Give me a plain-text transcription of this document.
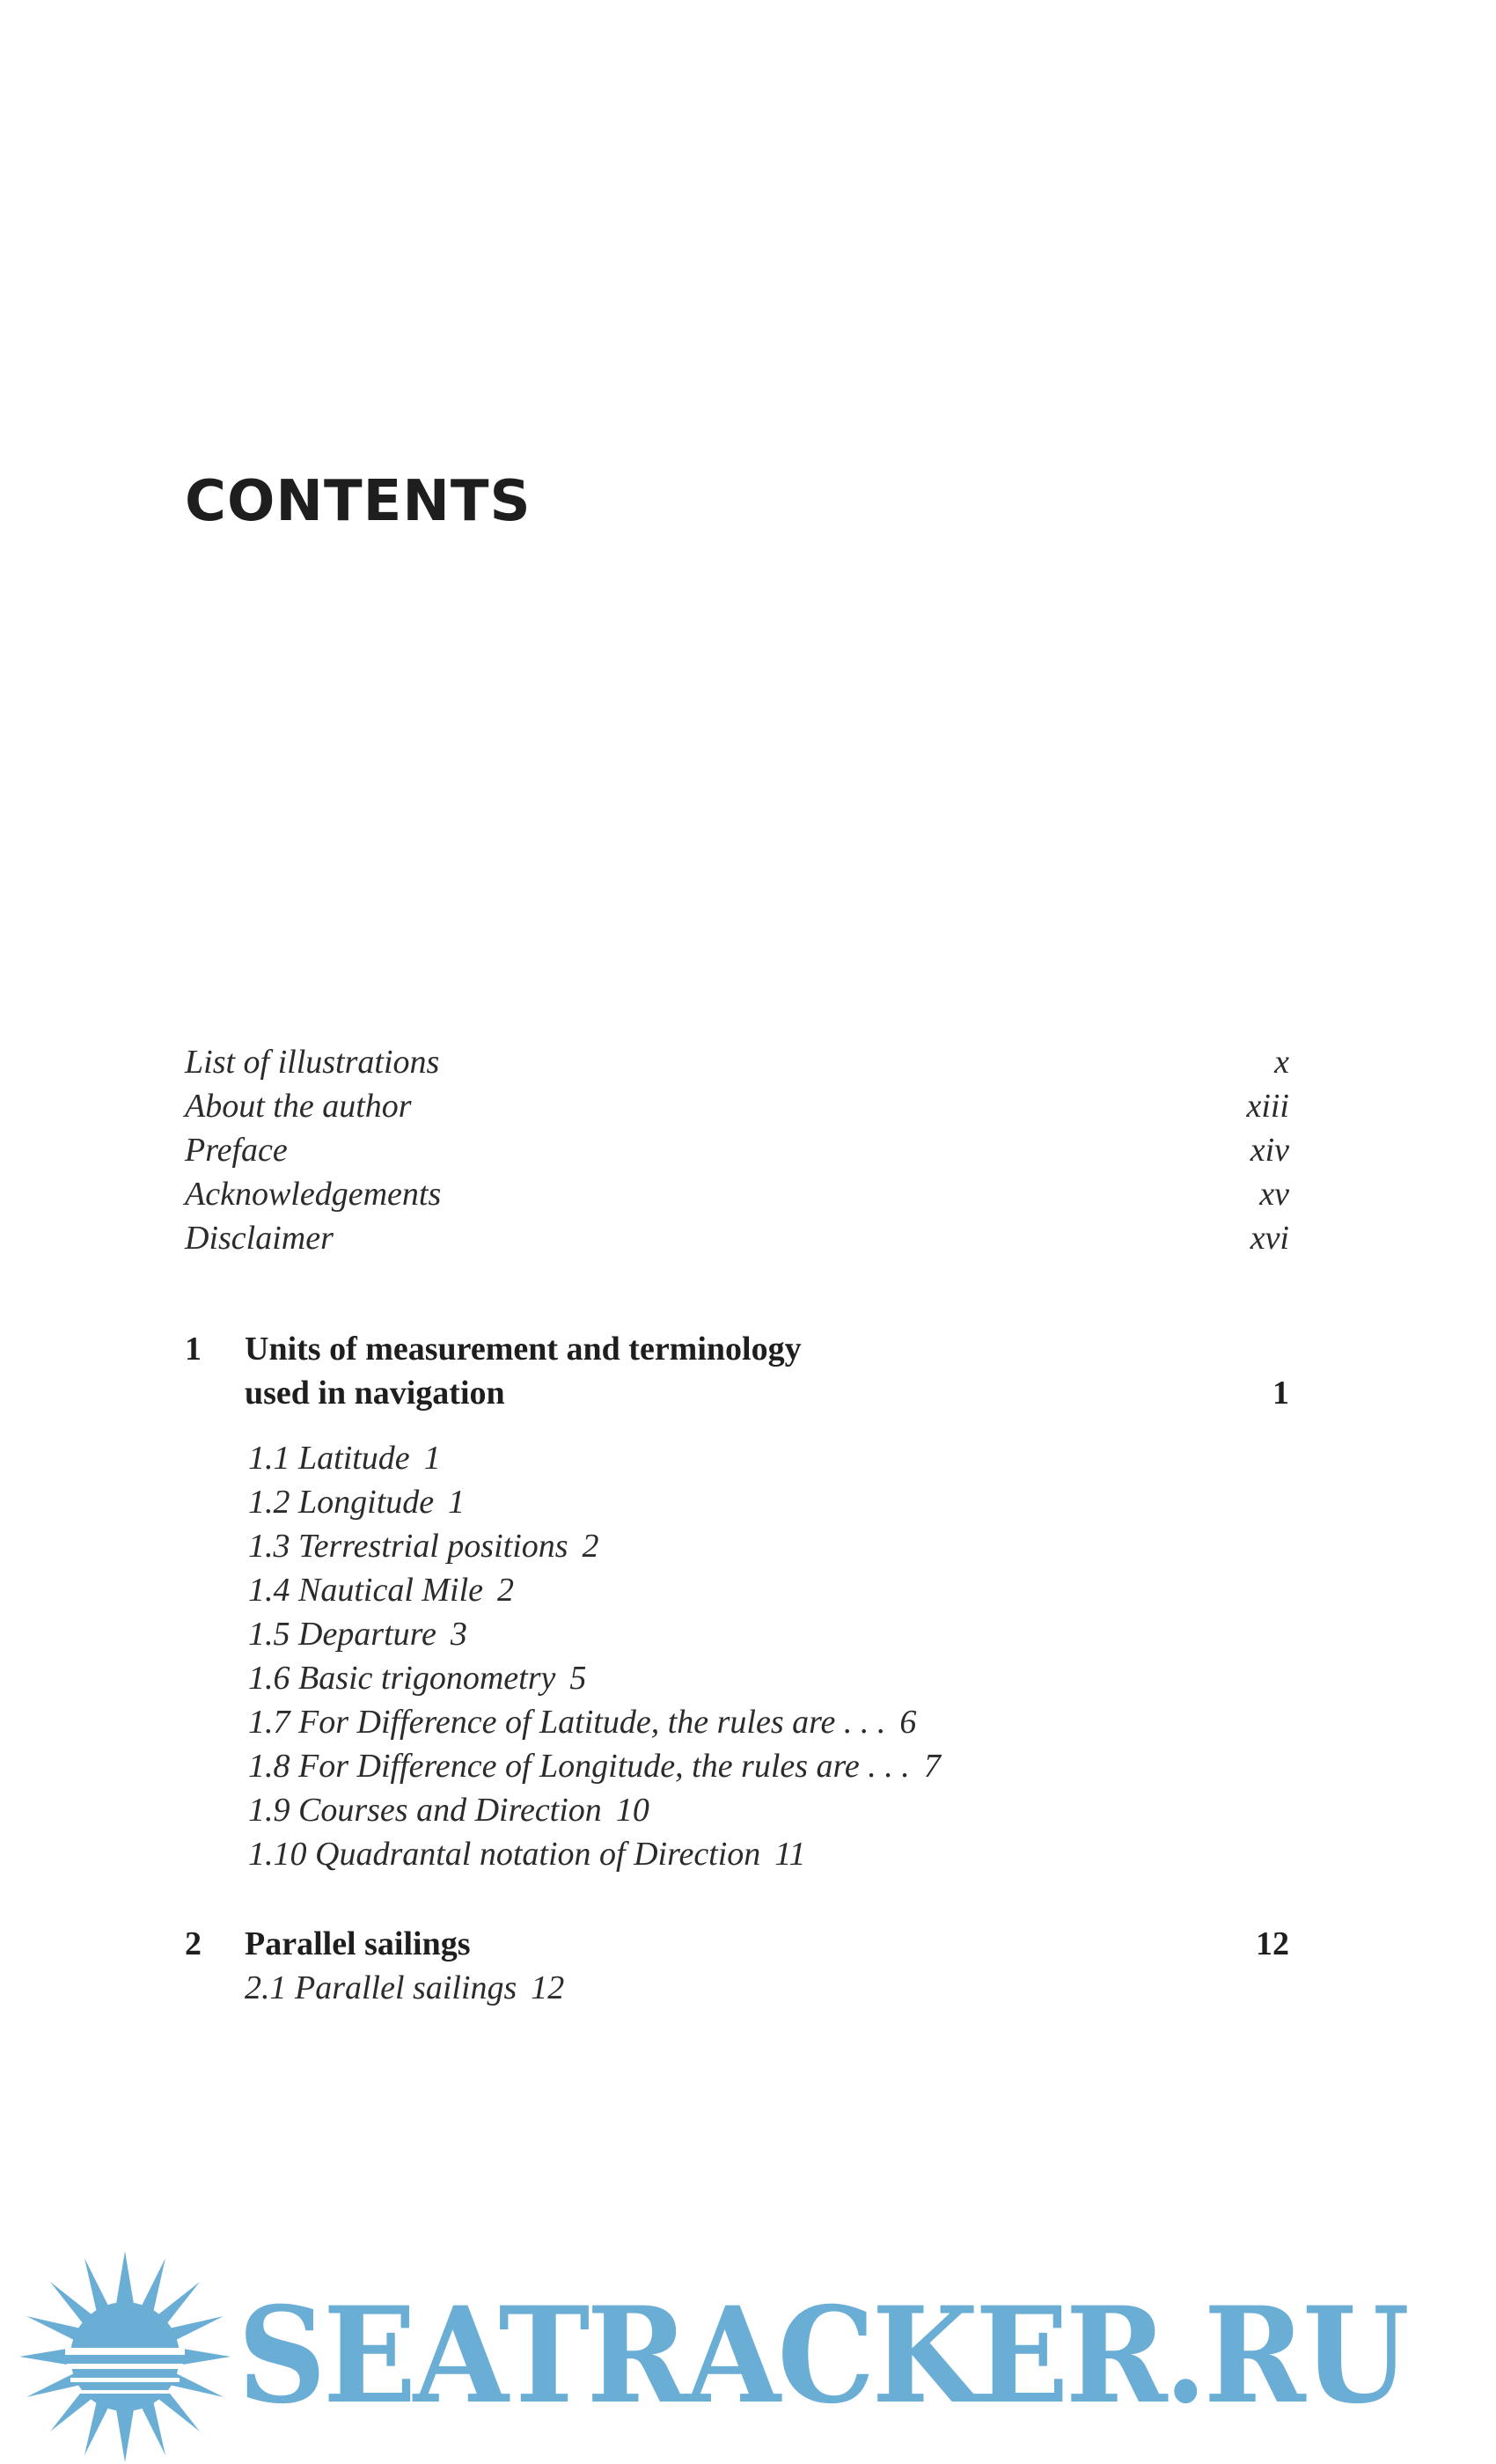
CONTENTS
List of illustrations	x
About the author	xiii
Preface	xiv
Acknowledgements	xv
Disclaimer	xvi
1 Units of measurement and terminology
used in navigation	1
1.1 Latitude 1
1.2 Longitude 1
1.3 Terrestrial positions 2
1.4 Nautical Mile 2
1.5 Departure 3
1.6 Basic trigonometry 5
1.7 For Difference of Latitude, the rules are . . . 6
1.8 For Difference of Longitude, the rules are . . . 7
1.9 Courses and Direction 10
1.10 Quadrantal notation of Direction 11
2 Parallel sailings	12
2.1 Parallel sailings 12
SEATRACKER.RU
